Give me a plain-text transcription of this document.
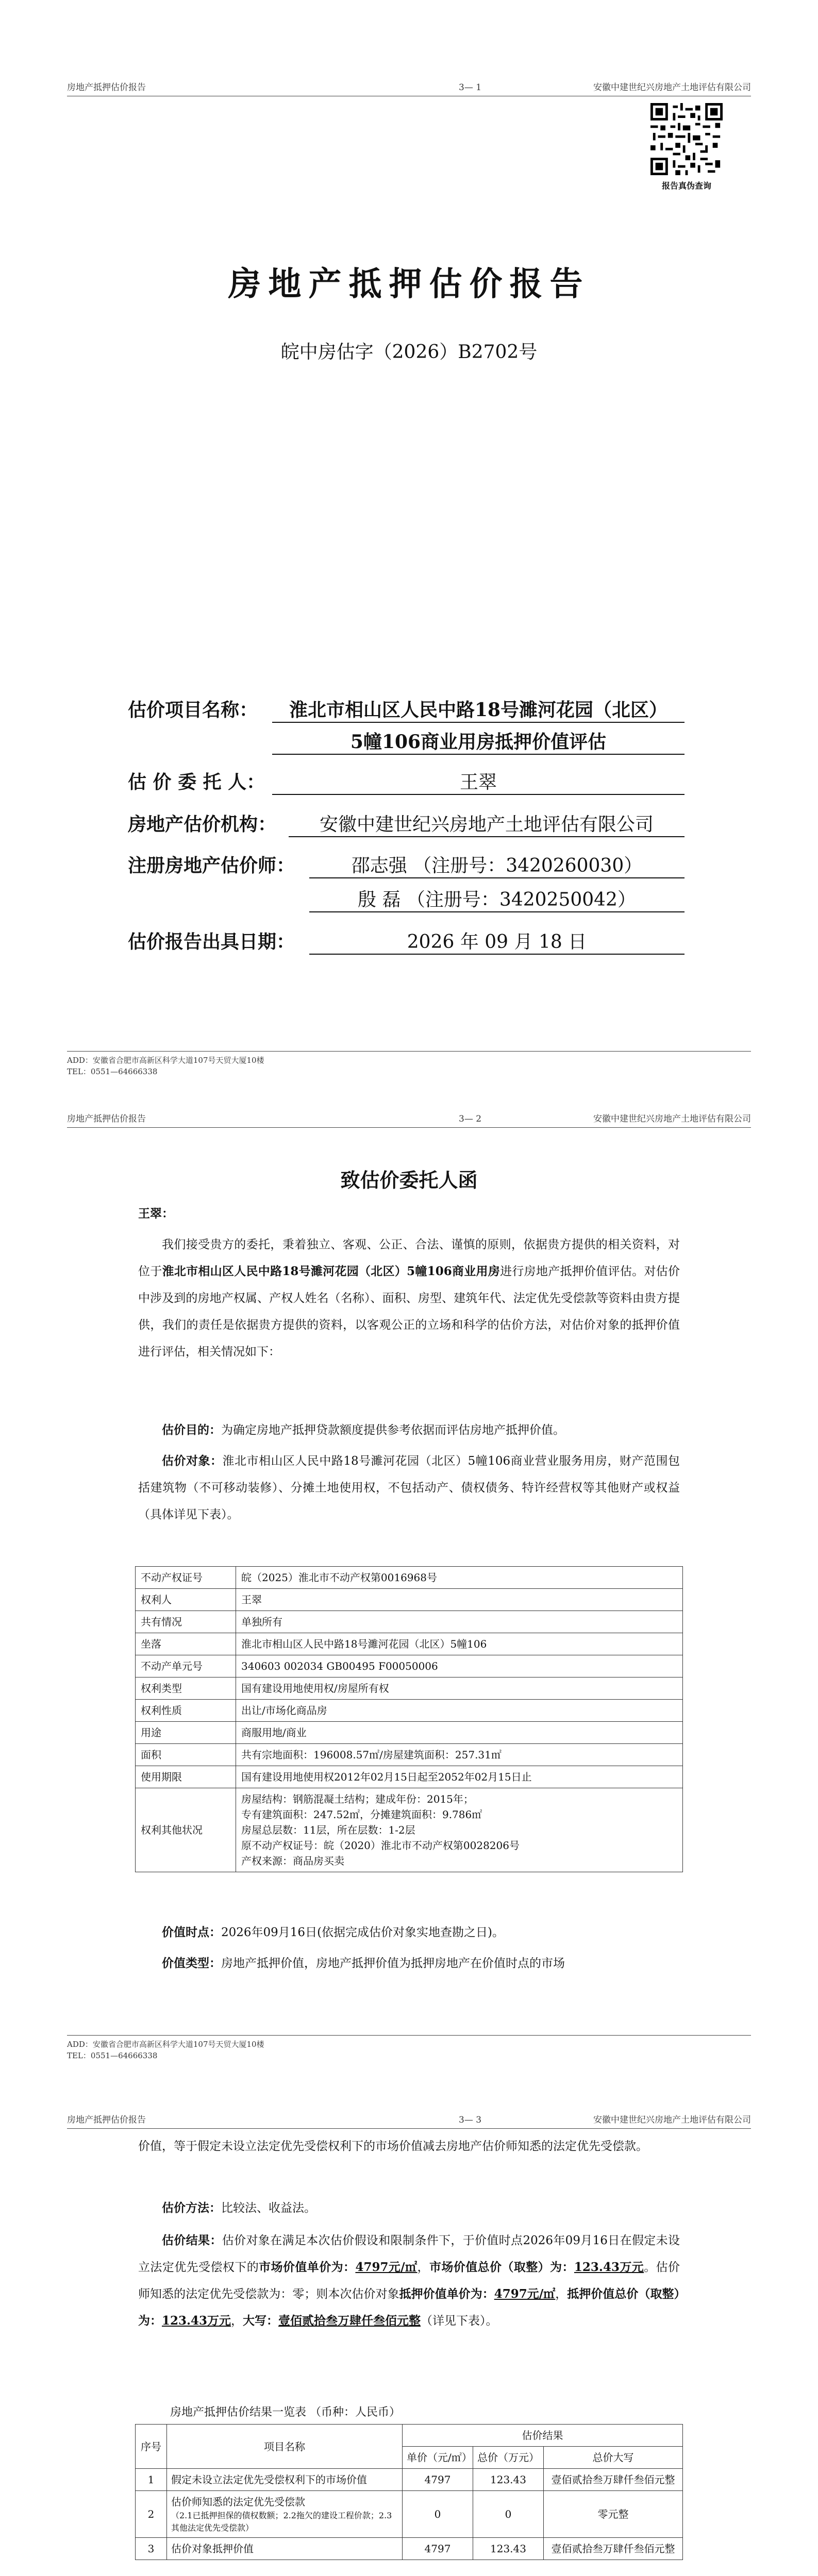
房地产抵押估价报告	3— 1	安徽中建世纪兴房地产土地评估有限公司
报告真伪查询
房地产抵押估价报告
皖中房估字（2026）B2702号
估价项目名称：	淮北市相山区人民中路18号濉河花园（北区）
5幢106商业用房抵押价值评估
估 价 委 托 人：	王翠
房地产估价机构：	安徽中建世纪兴房地产土地评估有限公司
注册房地产估价师：	邵志强 （注册号：3420260030）
殷 磊 （注册号：3420250042）
估价报告出具日期：	2026 年 09 月 18 日
ADD：安徽省合肥市高新区科学大道107号天贸大厦10楼
TEL：0551—64666338
房地产抵押估价报告	3— 2	安徽中建世纪兴房地产土地评估有限公司
致估价委托人函
王翠：
我们接受贵方的委托，秉着独立、客观、公正、合法、谨慎的原则，依据贵方提供的相关资料，对位于淮北市相山区人民中路18号濉河花园（北区）5幢106商业用房进行房地产抵押价值评估。对估价中涉及到的房地产权属、产权人姓名（名称）、面积、房型、建筑年代、法定优先受偿款等资料由贵方提供，我们的责任是依据贵方提供的资料，以客观公正的立场和科学的估价方法，对估价对象的抵押价值进行评估，相关情况如下：
估价目的：为确定房地产抵押贷款额度提供参考依据而评估房地产抵押价值。
估价对象：淮北市相山区人民中路18号濉河花园（北区）5幢106商业营业服务用房，财产范围包括建筑物（不可移动装修）、分摊土地使用权，不包括动产、债权债务、特许经营权等其他财产或权益（具体详见下表）。
不动产权证号	皖（2025）淮北市不动产权第0016968号
权利人	王翠
共有情况	单独所有
坐落	淮北市相山区人民中路18号濉河花园（北区）5幢106
不动产单元号	340603 002034 GB00495 F00050006
权利类型	国有建设用地使用权/房屋所有权
权利性质	出让/市场化商品房
用途	商服用地/商业
面积	共有宗地面积：196008.57㎡/房屋建筑面积：257.31㎡
使用期限	国有建设用地使用权2012年02月15日起至2052年02月15日止
权利其他状况	房屋结构：钢筋混凝土结构；建成年份：2015年；
专有建筑面积：247.52㎡，分摊建筑面积：9.786㎡
房屋总层数：11层，所在层数：1-2层
原不动产权证号：皖（2020）淮北市不动产权第0028206号
产权来源：商品房买卖
价值时点：2026年09月16日(依据完成估价对象实地查勘之日)。
价值类型：房地产抵押价值，房地产抵押价值为抵押房地产在价值时点的市场
ADD：安徽省合肥市高新区科学大道107号天贸大厦10楼
TEL：0551—64666338
房地产抵押估价报告	3— 3	安徽中建世纪兴房地产土地评估有限公司
价值，等于假定未设立法定优先受偿权利下的市场价值减去房地产估价师知悉的法定优先受偿款。
估价方法：比较法、收益法。
估价结果：估价对象在满足本次估价假设和限制条件下，于价值时点2026年09月16日在假定未设立法定优先受偿权下的市场价值单价为：4797元/㎡，市场价值总价（取整）为：123.43万元。估价师知悉的法定优先受偿款为：零；则本次估价对象抵押价值单价为：4797元/㎡，抵押价值总价（取整）为：123.43万元，大写：壹佰贰拾叁万肆仟叁佰元整（详见下表）。
房地产抵押估价结果一览表 （币种：人民币）
序号	项目名称	估价结果		
		单价（元/㎡）	总价（万元）	总价大写
1	假定未设立法定优先受偿权利下的市场价值	4797	123.43	壹佰贰拾叁万肆仟叁佰元整
2	估价师知悉的法定优先受偿款
（2.1已抵押担保的债权数额；2.2拖欠的建设工程价款；2.3其他法定优先受偿款）	0	0	零元整
3	估价对象抵押价值	4797	123.43	壹佰贰拾叁万肆仟叁佰元整
